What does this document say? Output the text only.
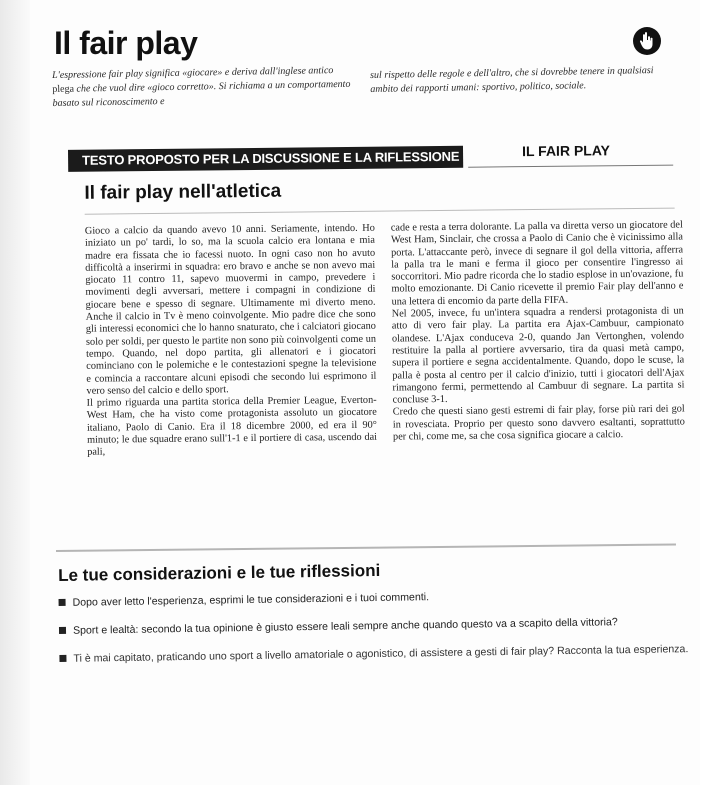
Il fair play

L'espressione fair play significa «giocare» e deriva dall'inglese antico plega che che vuol dire «gioco corretto». Si richiama a un comportamento basato sul riconoscimento e

sul rispetto delle regole e dell'altro, che si dovrebbe tenere in qualsiasi ambito dei rapporti umani: sportivo, politico, sociale.

TESTO PROPOSTO PER LA DISCUSSIONE E LA RIFLESSIONE	IL FAIR PLAY
Il fair play nell'atletica

Gioco a calcio da quando avevo 10 anni. Seriamente, intendo. Ho iniziato un po' tardi, lo so, ma la scuola calcio era lontana e mia madre era fissata che io facessi nuoto. In ogni caso non ho avuto difficoltà a inserirmi in squadra: ero bravo e anche se non avevo mai giocato 11 contro 11, sapevo muovermi in campo, prevedere i movimenti degli avversari, mettere i compagni in condizione di giocare bene e spesso di segnare. Ultimamente mi diverto meno. Anche il calcio in Tv è meno coinvolgente. Mio padre dice che sono gli interessi economici che lo hanno snaturato, che i calciatori giocano solo per soldi, per questo le partite non sono più coinvolgenti come un tempo. Quando, nel dopo partita, gli allenatori e i giocatori cominciano con le polemiche e le contestazioni spegne la televisione e comincia a raccontare alcuni episodi che secondo lui esprimono il vero senso del calcio e dello sport.

Il primo riguarda una partita storica della Premier League, Everton-West Ham, che ha visto come protagonista assoluto un giocatore italiano, Paolo di Canio. Era il 18 dicembre 2000, ed era il 90° minuto; le due squadre erano sull'1-1 e il portiere di casa, uscendo dai pali,

cade e resta a terra dolorante. La palla va diretta verso un giocatore del West Ham, Sinclair, che crossa a Paolo di Canio che è vicinissimo alla porta. L'attaccante però, invece di segnare il gol della vittoria, afferra la palla tra le mani e ferma il gioco per consentire l'ingresso ai soccorritori. Mio padre ricorda che lo stadio esplose in un'ovazione, fu molto emozionante. Di Canio ricevette il premio Fair play dell'anno e una lettera di encomio da parte della FIFA.

Nel 2005, invece, fu un'intera squadra a rendersi protagonista di un atto di vero fair play. La partita era Ajax-Cambuur, campionato olandese. L'Ajax conduceva 2-0, quando Jan Vertonghen, volendo restituire la palla al portiere avversario, tira da quasi metà campo, supera il portiere e segna accidentalmente. Quando, dopo le scuse, la palla è posta al centro per il calcio d'inizio, tutti i giocatori dell'Ajax rimangono fermi, permettendo al Cambuur di segnare. La partita si concluse 3-1.

Credo che questi siano gesti estremi di fair play, forse più rari dei gol in rovesciata. Proprio per questo sono davvero esaltanti, soprattutto per chi, come me, sa che cosa significa giocare a calcio.

Le tue considerazioni e le tue riflessioni

Dopo aver letto l'esperienza, esprimi le tue considerazioni e i tuoi commenti.

Sport e lealtà: secondo la tua opinione è giusto essere leali sempre anche quando questo va a scapito della vittoria?

Ti è mai capitato, praticando uno sport a livello amatoriale o agonistico, di assistere a gesti di fair play? Racconta la tua esperienza.
